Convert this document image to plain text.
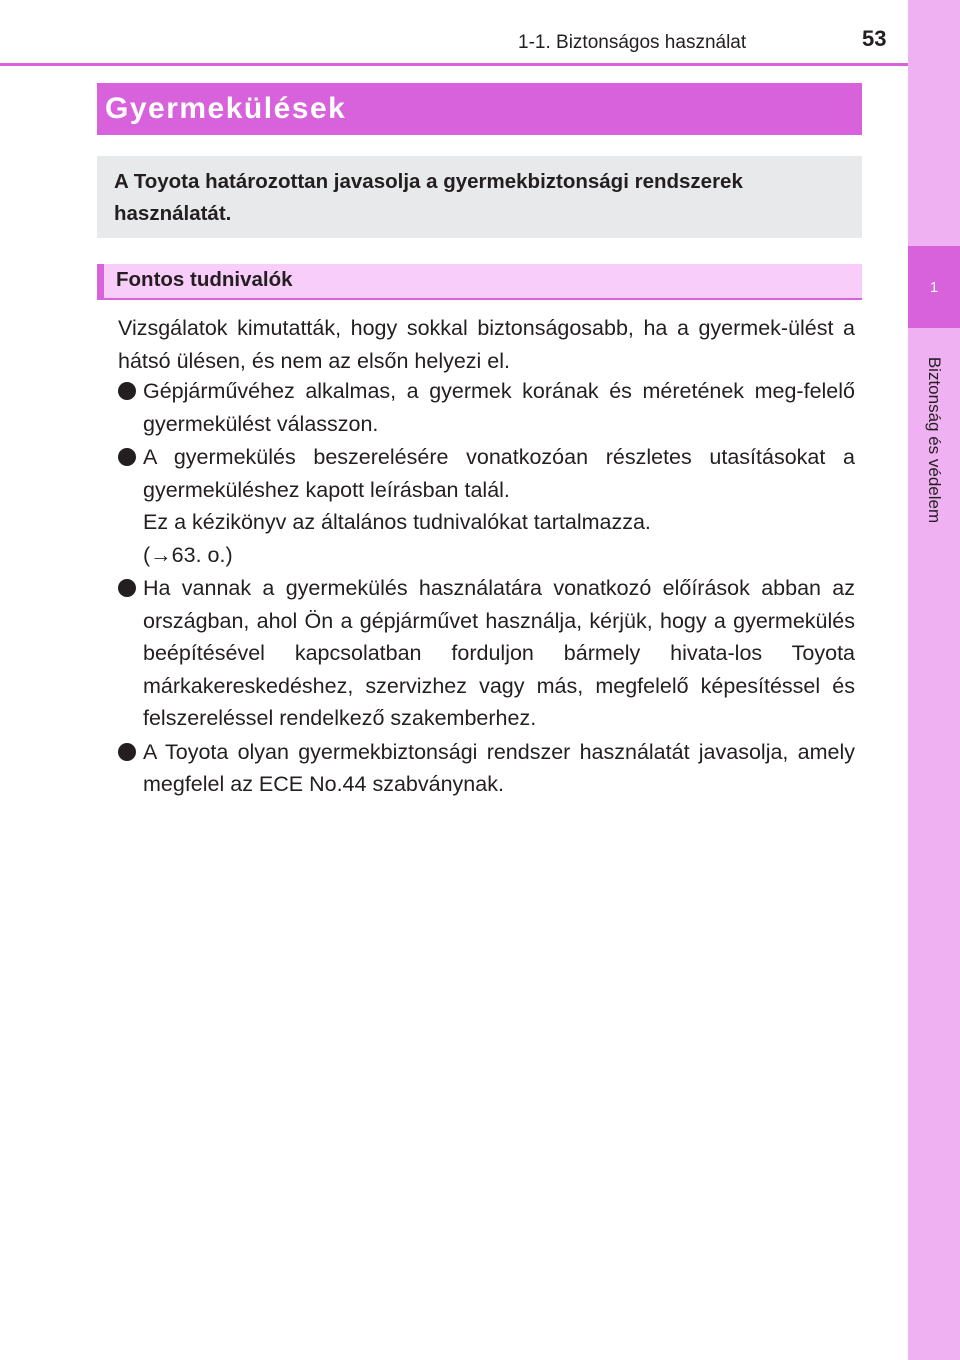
1
Biztonság és védelem
1-1. Biztonságos használat	53
Gyermekülések
A Toyota határozottan javasolja a gyermekbiztonsági rendszerek használatát.
Fontos tudnivalók
Vizsgálatok kimutatták, hogy sokkal biztonságosabb, ha a gyermek-ülést a hátsó ülésen, és nem az elsőn helyezi el.
Gépjárművéhez alkalmas, a gyermek korának és méretének meg-felelő gyermekülést válasszon.
A gyermekülés beszerelésére vonatkozóan részletes utasításokat a gyermeküléshez kapott leírásban talál.
Ez a kézikönyv az általános tudnivalókat tartalmazza.
(→63. o.)
Ha vannak a gyermekülés használatára vonatkozó előírások abban az országban, ahol Ön a gépjárművet használja, kérjük, hogy a gyermekülés beépítésével kapcsolatban forduljon bármely hivata-los Toyota márkakereskedéshez, szervizhez vagy más, megfelelő képesítéssel és felszereléssel rendelkező szakemberhez.
A Toyota olyan gyermekbiztonsági rendszer használatát javasolja, amely megfelel az ECE No.44 szabványnak.
